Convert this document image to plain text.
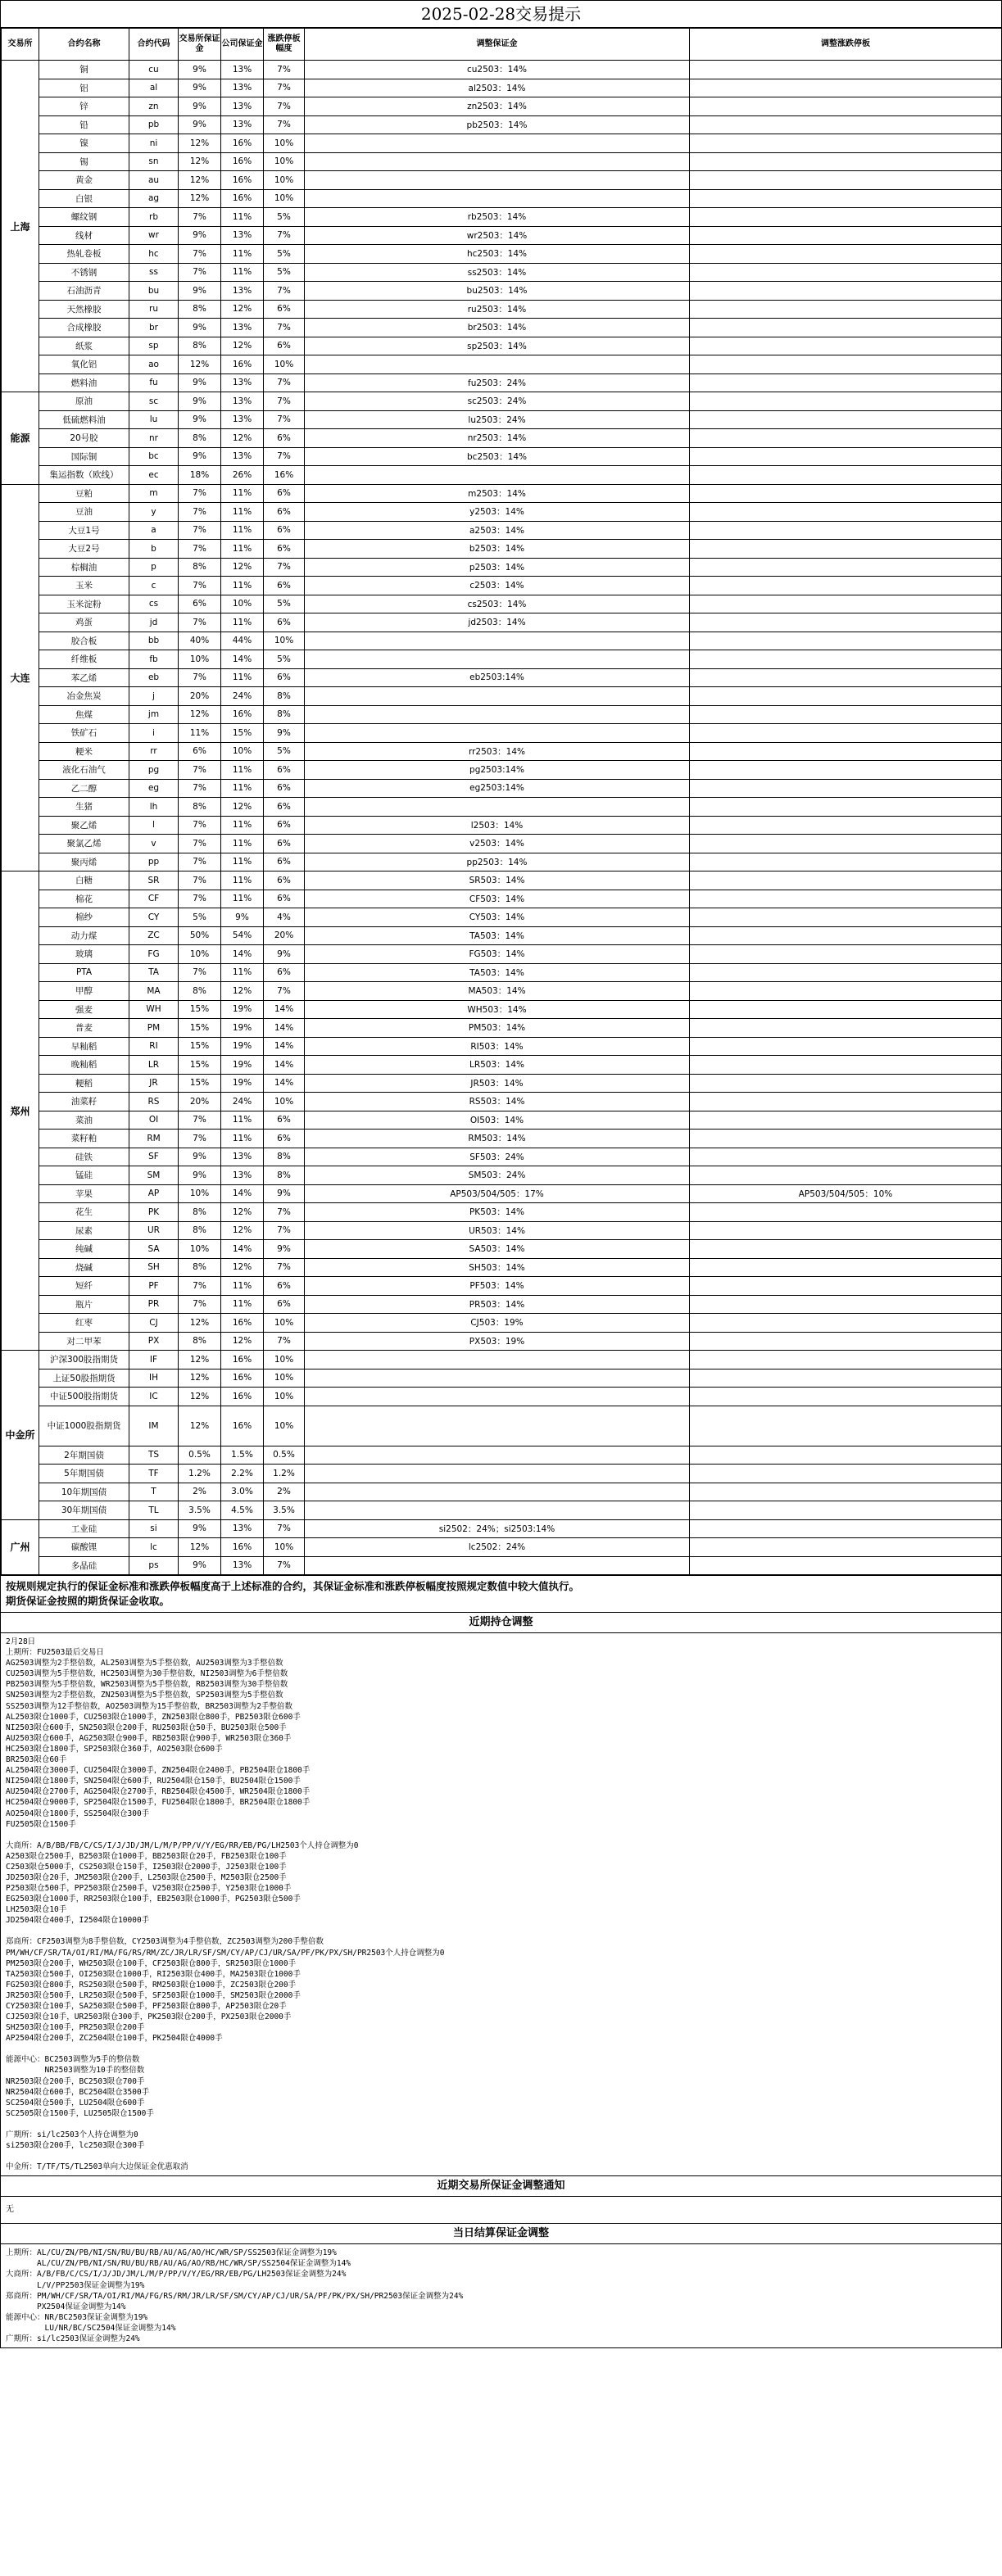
2025-02-28交易提示
交易所	合约名称	合约代码	交易所保证金	公司保证金	涨跌停板幅度	调整保证金	调整涨跌停板
上海	铜	cu	9%	13%	7%	cu2503：14%	
	铝	al	9%	13%	7%	al2503：14%	
	锌	zn	9%	13%	7%	zn2503：14%	
	铅	pb	9%	13%	7%	pb2503：14%	
	镍	ni	12%	16%	10%		
	锡	sn	12%	16%	10%		
	黄金	au	12%	16%	10%		
	白银	ag	12%	16%	10%		
	螺纹钢	rb	7%	11%	5%	rb2503：14%	
	线材	wr	9%	13%	7%	wr2503：14%	
	热轧卷板	hc	7%	11%	5%	hc2503：14%	
	不锈钢	ss	7%	11%	5%	ss2503：14%	
	石油沥青	bu	9%	13%	7%	bu2503：14%	
	天然橡胶	ru	8%	12%	6%	ru2503：14%	
	合成橡胶	br	9%	13%	7%	br2503：14%	
	纸浆	sp	8%	12%	6%	sp2503：14%	
	氧化铝	ao	12%	16%	10%		
	燃料油	fu	9%	13%	7%	fu2503：24%	
能源	原油	sc	9%	13%	7%	sc2503：24%	
	低硫燃料油	lu	9%	13%	7%	lu2503：24%	
	20号胶	nr	8%	12%	6%	nr2503：14%	
	国际铜	bc	9%	13%	7%	bc2503：14%	
	集运指数（欧线）	ec	18%	26%	16%		
大连	豆粕	m	7%	11%	6%	m2503：14%	
	豆油	y	7%	11%	6%	y2503：14%	
	大豆1号	a	7%	11%	6%	a2503：14%	
	大豆2号	b	7%	11%	6%	b2503：14%	
	棕榈油	p	8%	12%	7%	p2503：14%	
	玉米	c	7%	11%	6%	c2503：14%	
	玉米淀粉	cs	6%	10%	5%	cs2503：14%	
	鸡蛋	jd	7%	11%	6%	jd2503：14%	
	胶合板	bb	40%	44%	10%		
	纤维板	fb	10%	14%	5%		
	苯乙烯	eb	7%	11%	6%	eb2503:14%	
	冶金焦炭	j	20%	24%	8%		
	焦煤	jm	12%	16%	8%		
	铁矿石	i	11%	15%	9%		
	粳米	rr	6%	10%	5%	rr2503：14%	
	液化石油气	pg	7%	11%	6%	pg2503:14%	
	乙二醇	eg	7%	11%	6%	eg2503:14%	
	生猪	lh	8%	12%	6%		
	聚乙烯	l	7%	11%	6%	l2503：14%	
	聚氯乙烯	v	7%	11%	6%	v2503：14%	
	聚丙烯	pp	7%	11%	6%	pp2503：14%	
郑州	白糖	SR	7%	11%	6%	SR503：14%	
	棉花	CF	7%	11%	6%	CF503：14%	
	棉纱	CY	5%	9%	4%	CY503：14%	
	动力煤	ZC	50%	54%	20%	TA503：14%	
	玻璃	FG	10%	14%	9%	FG503：14%	
	PTA	TA	7%	11%	6%	TA503：14%	
	甲醇	MA	8%	12%	7%	MA503：14%	
	强麦	WH	15%	19%	14%	WH503：14%	
	普麦	PM	15%	19%	14%	PM503：14%	
	早籼稻	RI	15%	19%	14%	RI503：14%	
	晚籼稻	LR	15%	19%	14%	LR503：14%	
	粳稻	JR	15%	19%	14%	JR503：14%	
	油菜籽	RS	20%	24%	10%	RS503：14%	
	菜油	OI	7%	11%	6%	OI503：14%	
	菜籽粕	RM	7%	11%	6%	RM503：14%	
	硅铁	SF	9%	13%	8%	SF503：24%	
	锰硅	SM	9%	13%	8%	SM503：24%	
	苹果	AP	10%	14%	9%	AP503/504/505：17%	AP503/504/505：10%
	花生	PK	8%	12%	7%	PK503：14%	
	尿素	UR	8%	12%	7%	UR503：14%	
	纯碱	SA	10%	14%	9%	SA503：14%	
	烧碱	SH	8%	12%	7%	SH503：14%	
	短纤	PF	7%	11%	6%	PF503：14%	
	瓶片	PR	7%	11%	6%	PR503：14%	
	红枣	CJ	12%	16%	10%	CJ503：19%	
	对二甲苯	PX	8%	12%	7%	PX503：19%	
中金所	沪深300股指期货	IF	12%	16%	10%		
	上证50股指期货	IH	12%	16%	10%		
	中证500股指期货	IC	12%	16%	10%		
	中证1000股指期货	IM	12%	16%	10%		
	2年期国债	TS	0.5%	1.5%	0.5%		
	5年期国债	TF	1.2%	2.2%	1.2%		
	10年期国债	T	2%	3.0%	2%		
	30年期国债	TL	3.5%	4.5%	3.5%		
广州	工业硅	si	9%	13%	7%	si2502：24%；si2503:14%	
	碳酸锂	lc	12%	16%	10%	lc2502：24%	
	多晶硅	ps	9%	13%	7%		
按规则规定执行的保证金标准和涨跌停板幅度高于上述标准的合约，其保证金标准和涨跌停板幅度按照规定数值中较大值执行。
期货保证金按照的期货保证金收取。
近期持仓调整
2月28日
上期所：FU2503最后交易日
AG2503调整为2手整倍数，AL2503调整为5手整倍数，AU2503调整为3手整倍数
CU2503调整为5手整倍数，HC2503调整为30手整倍数，NI2503调整为6手整倍数
PB2503调整为5手整倍数，WR2503调整为5手整倍数，RB2503调整为30手整倍数
SN2503调整为2手整倍数，ZN2503调整为5手整倍数，SP2503调整为5手整倍数
SS2503调整为12手整倍数，AO2503调整为15手整倍数，BR2503调整为2手整倍数
AL2503限仓1000手，CU2503限仓1000手，ZN2503限仓800手，PB2503限仓600手
NI2503限仓600手，SN2503限仓200手，RU2503限仓50手，BU2503限仓500手
AU2503限仓600手，AG2503限仓900手，RB2503限仓900手，WR2503限仓360手
HC2503限仓1800手，SP2503限仓360手，AO2503限仓600手
BR2503限仓60手
AL2504限仓3000手，CU2504限仓3000手，ZN2504限仓2400手，PB2504限仓1800手
NI2504限仓1800手，SN2504限仓600手，RU2504限仓150手，BU2504限仓1500手
AU2504限仓2700手，AG2504限仓2700手，RB2504限仓4500手，WR2504限仓1800手
HC2504限仓9000手，SP2504限仓1500手，FU2504限仓1800手，BR2504限仓1800手
AO2504限仓1800手，SS2504限仓300手
FU2505限仓1500手
大商所：A/B/BB/FB/C/CS/I/J/JD/JM/L/M/P/PP/V/Y/EG/RR/EB/PG/LH2503个人持仓调整为0
A2503限仓2500手，B2503限仓1000手，BB2503限仓20手，FB2503限仓100手
C2503限仓5000手，CS2503限仓150手，I2503限仓2000手，J2503限仓100手
JD2503限仓20手，JM2503限仓200手，L2503限仓2500手，M2503限仓2500手
P2503限仓500手，PP2503限仓2500手，V2503限仓2500手，Y2503限仓1000手
EG2503限仓1000手，RR2503限仓100手，EB2503限仓1000手，PG2503限仓500手
LH2503限仓10手
JD2504限仓400手，I2504限仓10000手
郑商所：CF2503调整为8手整倍数，CY2503调整为4手整倍数，ZC2503调整为200手整倍数
PM/WH/CF/SR/TA/OI/RI/MA/FG/RS/RM/ZC/JR/LR/SF/SM/CY/AP/CJ/UR/SA/PF/PK/PX/SH/PR2503个人持仓调整为0
PM2503限仓200手，WH2503限仓100手，CF2503限仓800手，SR2503限仓1000手
TA2503限仓500手，OI2503限仓1000手，RI2503限仓400手，MA2503限仓1000手
FG2503限仓800手，RS2503限仓500手，RM2503限仓1000手，ZC2503限仓200手
JR2503限仓500手，LR2503限仓500手，SF2503限仓1000手，SM2503限仓2000手
CY2503限仓100手，SA2503限仓500手，PF2503限仓800手，AP2503限仓20手
CJ2503限仓10手，UR2503限仓300手，PK2503限仓200手，PX2503限仓2000手
SH2503限仓100手，PR2503限仓200手
AP2504限仓200手，ZC2504限仓100手，PK2504限仓4000手
能源中心：BC2503调整为5手的整倍数
　　　　　NR2503调整为10手的整倍数
NR2503限仓200手，BC2503限仓700手
NR2504限仓600手，BC2504限仓3500手
SC2504限仓500手，LU2504限仓600手
SC2505限仓1500手，LU2505限仓1500手
广期所：si/lc2503个人持仓调整为0
si2503限仓200手，lc2503限仓300手
中金所：T/TF/TS/TL2503单向大边保证金优惠取消
近期交易所保证金调整通知
无
当日结算保证金调整
上期所：AL/CU/ZN/PB/NI/SN/RU/BU/RB/AU/AG/AO/HC/WR/SP/SS2503保证金调整为19%
　　　　AL/CU/ZN/PB/NI/SN/RU/BU/RB/AU/AG/AO/RB/HC/WR/SP/SS2504保证金调整为14%
大商所：A/B/FB/C/CS/I/J/JD/JM/L/M/P/PP/V/Y/EG/RR/EB/PG/LH2503保证金调整为24%
　　　　L/V/PP2503保证金调整为19%
郑商所：PM/WH/CF/SR/TA/OI/RI/MA/FG/RS/RM/JR/LR/SF/SM/CY/AP/CJ/UR/SA/PF/PK/PX/SH/PR2503保证金调整为24%
　　　　PX2504保证金调整为14%
能源中心：NR/BC2503保证金调整为19%
　　　　　LU/NR/BC/SC2504保证金调整为14%
广期所：si/lc2503保证金调整为24%
